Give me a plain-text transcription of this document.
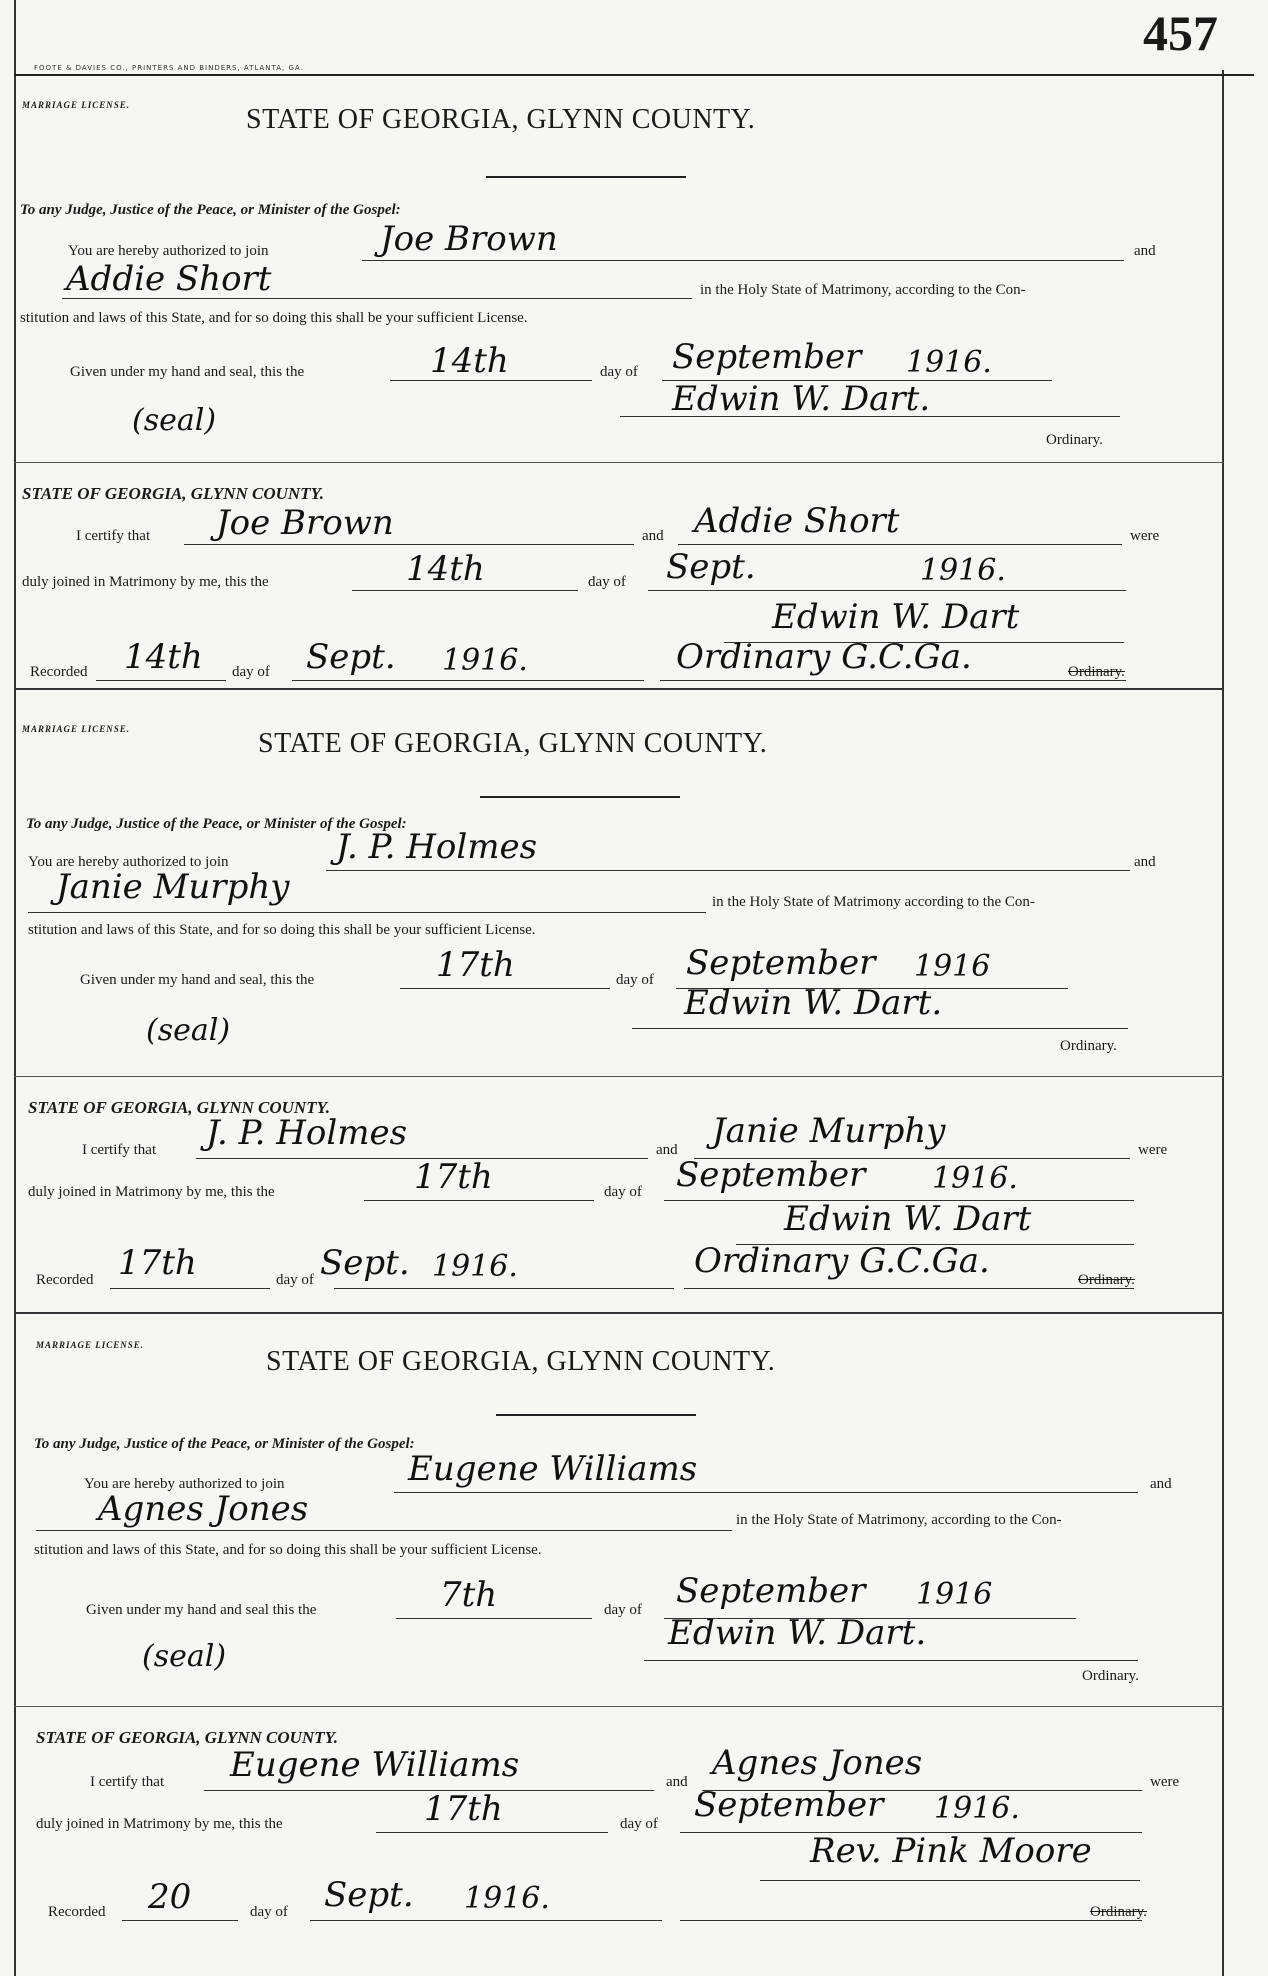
457
FOOTE & DAVIES CO., PRINTERS AND BINDERS, ATLANTA, GA.
MARRIAGE LICENSE.	STATE OF GEORGIA, GLYNN COUNTY.
To any Judge, Justice of the Peace, or Minister of the Gospel:
You are hereby authorized to join	Joe Brown	and
Addie Short	in the Holy State of Matrimony, according to the Con-
stitution and laws of this State, and for so doing this shall be your sufficient License.
Given under my hand and seal, this the	14th	day of September 1916.
(seal)
Edwin W. Dart.
Ordinary.
STATE OF GEORGIA, GLYNN COUNTY.
I certify that Joe Brown	and Addie Short	were
duly joined in Matrimony by me, this the	14th	day of Sept.	1916.
Edwin W. Dart
Recorded 14th day of Sept. 1916.	Ordinary G.C.Ga.	Ordinary.
MARRIAGE LICENSE.	STATE OF GEORGIA, GLYNN COUNTY.
To any Judge, Justice of the Peace, or Minister of the Gospel:
You are hereby authorized to join	J. P. Holmes	and
Janie Murphy	in the Holy State of Matrimony according to the Con-
stitution and laws of this State, and for so doing this shall be your sufficient License.
Given under my hand and seal, this the	17th	day of September 1916
(seal)
Edwin W. Dart.
Ordinary.
STATE OF GEORGIA, GLYNN COUNTY.
I certify that J. P. Holmes	and Janie Murphy	were
duly joined in Matrimony by me, this the	17th	day of September 1916.
Edwin W. Dart
Recorded 17th	day of Sept. 1916.	Ordinary G.C.Ga.	Ordinary.
MARRIAGE LICENSE.
STATE OF GEORGIA, GLYNN COUNTY.
To any Judge, Justice of the Peace, or Minister of the Gospel:
You are hereby authorized to join	Eugene Williams	and
Agnes Jones	in the Holy State of Matrimony, according to the Con-
stitution and laws of this State, and for so doing this shall be your sufficient License.
Given under my hand and seal this the	7th	day of September 1916
(seal)
Edwin W. Dart.
Ordinary.
STATE OF GEORGIA, GLYNN COUNTY.
I certify that Eugene Williams	and Agnes Jones	were
duly joined in Matrimony by me, this the	17th	day of September 1916.
Rev. Pink Moore
Recorded 20	day of Sept. 1916.	Ordinary.
